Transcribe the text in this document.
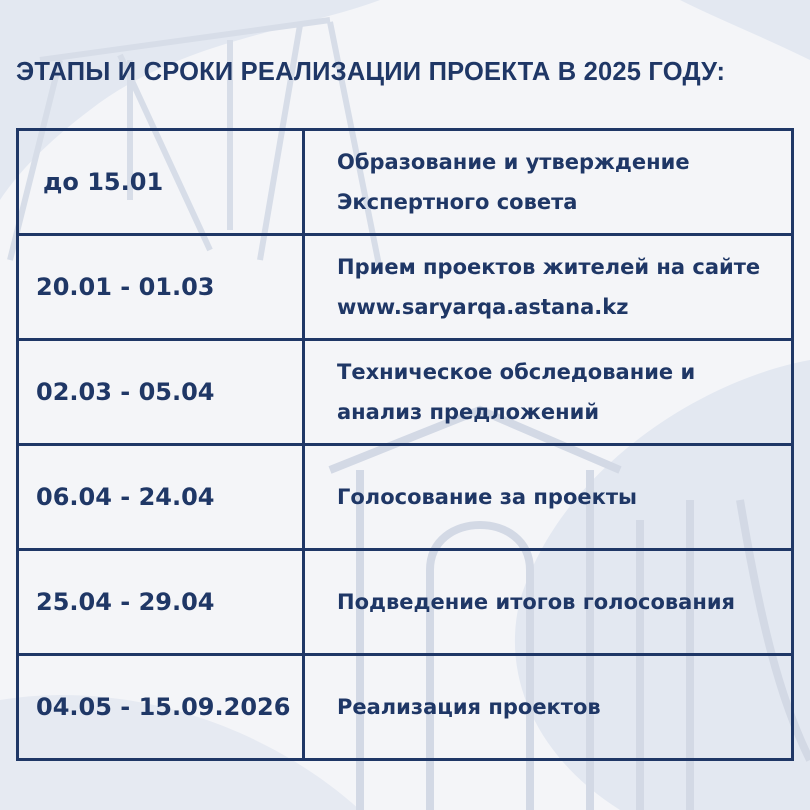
ЭТАПЫ И СРОКИ РЕАЛИЗАЦИИ ПРОЕКТА В 2025 ГОДУ:
до 15.01	Образование и утверждение Экспертного совета
20.01 - 01.03	Прием проектов жителей на сайте www.saryarqa.astana.kz
02.03 - 05.04	Техническое обследование и анализ предложений
06.04 - 24.04	Голосование за проекты
25.04 - 29.04	Подведение итогов голосования
04.05 - 15.09.2026	Реализация проектов
